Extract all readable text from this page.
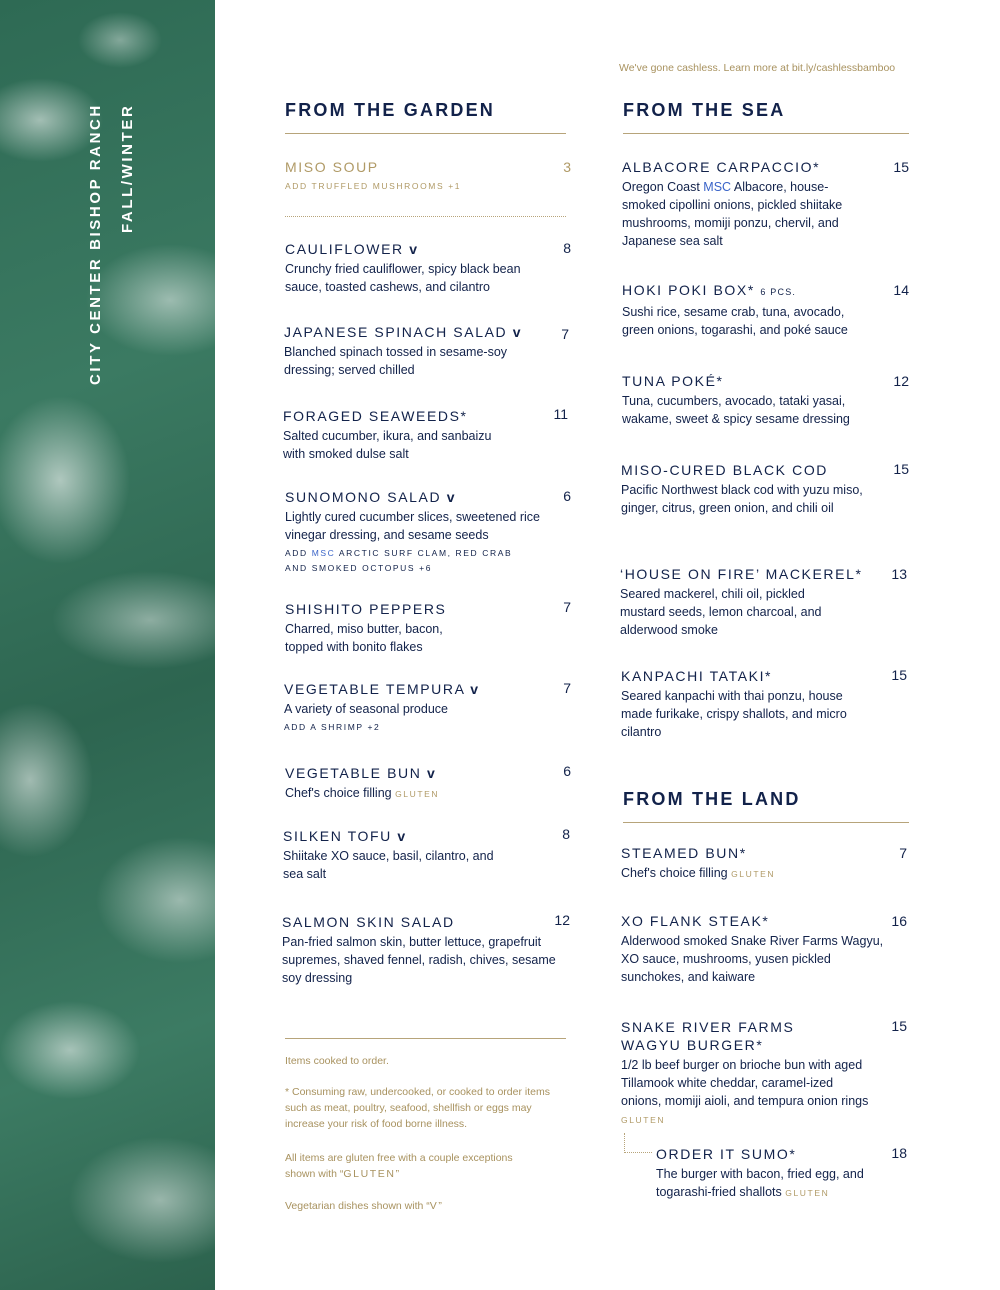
CITY CENTER BISHOP RANCH FALL/WINTER
We've gone cashless. Learn more at bit.ly/cashlessbamboo
FROM THE GARDEN
MISO SOUP
ADD TRUFFLED MUSHROOMS +1
3
CAULIFLOWER v
Crunchy fried cauliflower, spicy black bean sauce, toasted cashews, and cilantro
8
JAPANESE SPINACH SALAD v
Blanched spinach tossed in sesame-soy dressing; served chilled
7
FORAGED SEAWEEDS*
Salted cucumber, ikura, and sanbaizu with smoked dulse salt
11
SUNOMONO SALAD v
Lightly cured cucumber slices, sweetened rice vinegar dressing, and sesame seeds
ADD MSC ARCTIC SURF CLAM, RED CRAB AND SMOKED OCTOPUS +6
6
SHISHITO PEPPERS
Charred, miso butter, bacon, topped with bonito flakes
7
VEGETABLE TEMPURA v
A variety of seasonal produce
ADD A SHRIMP +2
7
VEGETABLE BUN v
Chef's choice filling GLUTEN
6
SILKEN TOFU v
Shiitake XO sauce, basil, cilantro, and sea salt
8
SALMON SKIN SALAD
Pan-fried salmon skin, butter lettuce, grapefruit supremes, shaved fennel, radish, chives, sesame soy dressing
12
Items cooked to order.
* Consuming raw, undercooked, or cooked to order items such as meat, poultry, seafood, shellfish or eggs may increase your risk of food borne illness.
All items are gluten free with a couple exceptions shown with “GLUTEN”
Vegetarian dishes shown with “V”
FROM THE SEA
ALBACORE CARPACCIO*
Oregon Coast MSC Albacore, house-smoked cipollini onions, pickled shiitake mushrooms, momiji ponzu, chervil, and Japanese sea salt
15
HOKI POKI BOX* 6 PCS.
Sushi rice, sesame crab, tuna, avocado, green onions, togarashi, and poké sauce
14
TUNA POKÉ*
Tuna, cucumbers, avocado, tataki yasai, wakame, sweet & spicy sesame dressing
12
MISO-CURED BLACK COD
Pacific Northwest black cod with yuzu miso, ginger, citrus, green onion, and chili oil
15
‘HOUSE ON FIRE’ MACKEREL*
Seared mackerel, chili oil, pickled mustard seeds, lemon charcoal, and alderwood smoke
13
KANPACHI TATAKI*
Seared kanpachi with thai ponzu, house made furikake, crispy shallots, and micro cilantro
15
FROM THE LAND
STEAMED BUN*
Chef's choice filling GLUTEN
7
XO FLANK STEAK*
Alderwood smoked Snake River Farms Wagyu, XO sauce, mushrooms, yusen pickled sunchokes, and kaiware
16
SNAKE RIVER FARMS
WAGYU BURGER*
1/2 lb beef burger on brioche bun with aged Tillamook white cheddar, caramel-ized onions, momiji aioli, and tempura onion rings GLUTEN
15
ORDER IT SUMO*
The burger with bacon, fried egg, and togarashi-fried shallots GLUTEN
18
